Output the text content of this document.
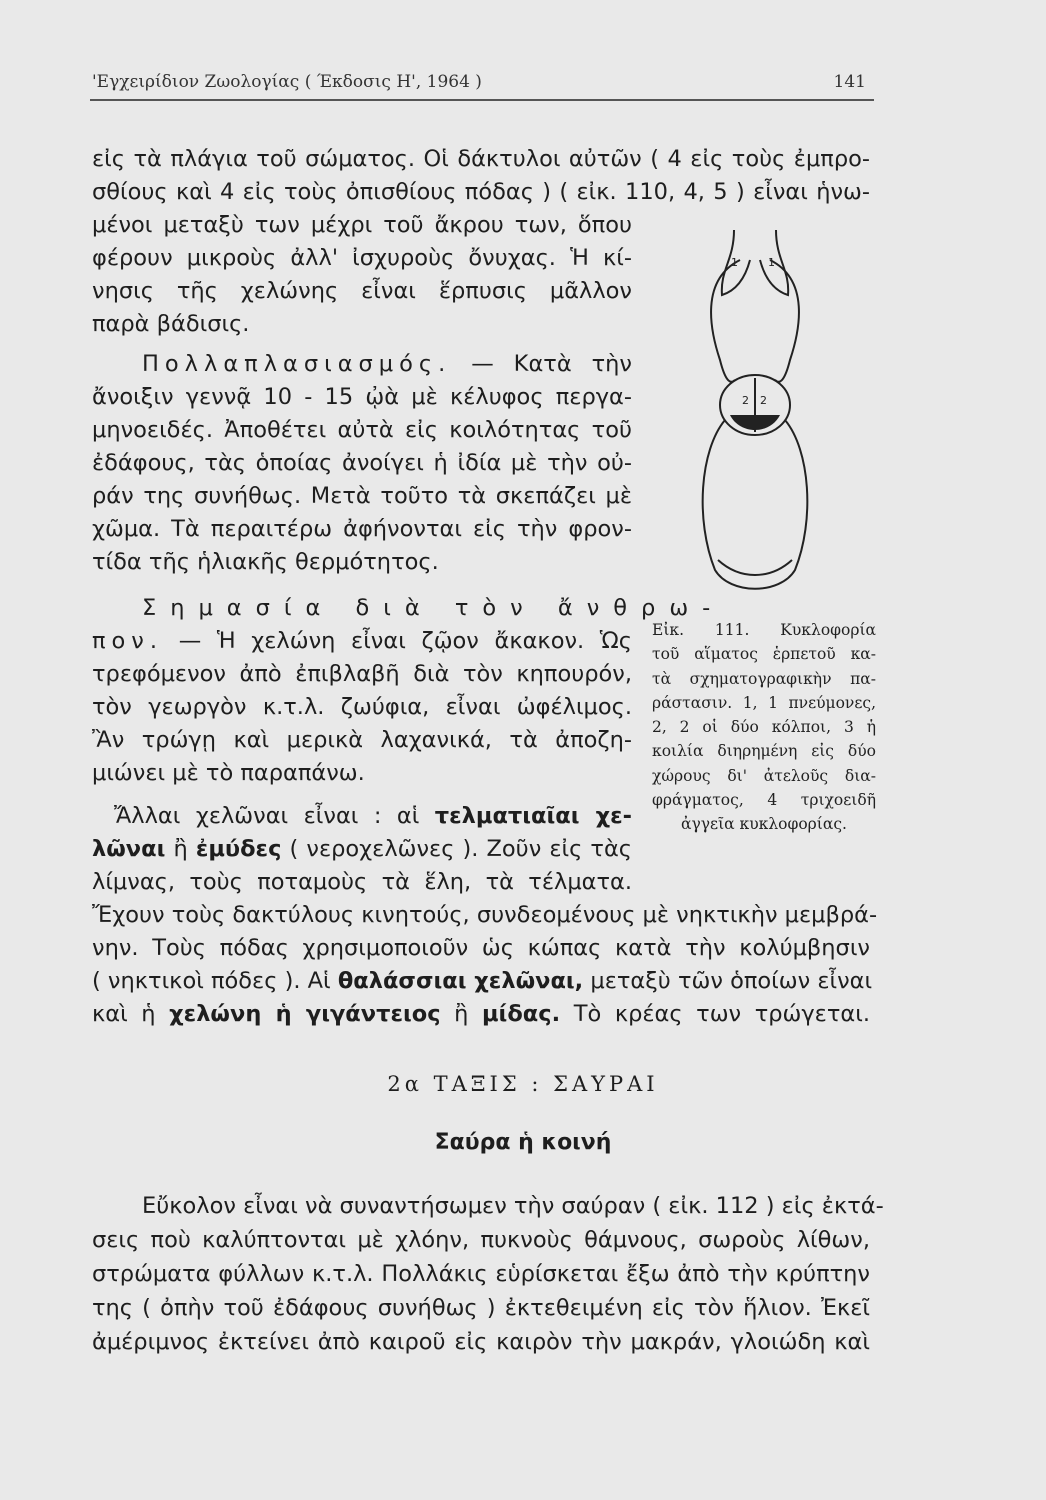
'Εγχειρίδιον Ζωολογίας ( Έκδοσις Η', 1964 )	141
εἰς τὰ πλάγια τοῦ σώματος. Οἱ δάκτυλοι αὐτῶν ( 4 εἰς τοὺς ἐμπρο-
σθίους καὶ 4 εἰς τοὺς ὀπισθίους πόδας ) ( εἰκ. 110, 4, 5 ) εἶναι ἡνω-
μένοι μεταξὺ των μέχρι τοῦ ἄκρου των, ὅπου
φέρουν μικροὺς ἀλλ' ἰσχυροὺς ὄνυχας. Ἡ κί-
νησις τῆς χελώνης εἶναι ἕρπυσις μᾶλλον
παρὰ βάδισις.
Πολλαπλασιασμός. — Κατὰ τὴν
ἄνοιξιν γεννᾷ 10 - 15 ᾠὰ μὲ κέλυφος περγα-
μηνοειδές. Ἀποθέτει αὐτὰ εἰς κοιλότητας τοῦ
ἐδάφους, τὰς ὁποίας ἀνοίγει ἡ ἰδία μὲ τὴν οὐ-
ράν της συνήθως. Μετὰ τοῦτο τὰ σκεπάζει μὲ
χῶμα. Τὰ περαιτέρω ἀφήνονται εἰς τὴν φρον-
τίδα τῆς ἡλιακῆς θερμότητος.
Σημασία διὰ τὸν ἄνθρω-
πον. — Ἡ χελώνη εἶναι ζῷον ἄκακον. Ὡς
τρεφόμενον ἀπὸ ἐπιβλαβῆ διὰ τὸν κηπουρόν,
τὸν γεωργὸν κ.τ.λ. ζωύφια, εἶναι ὠφέλιμος.
Ἂν τρώγῃ καὶ μερικὰ λαχανικά, τὰ ἀποζη-
μιώνει μὲ τὸ παραπάνω.
Ἄλλαι χελῶναι εἶναι : αἱ τελματιαῖαι χε-
λῶναι ἢ ἐμύδες ( νεροχελῶνες ). Ζοῦν εἰς τὰς
λίμνας, τοὺς ποταμοὺς τὰ ἕλη, τὰ τέλματα.
Ἔχουν τοὺς δακτύλους κινητούς, συνδεομένους μὲ νηκτικὴν μεμβρά-
νην. Τοὺς πόδας χρησιμοποιοῦν ὡς κώπας κατὰ τὴν κολύμβησιν
( νηκτικοὶ πόδες ). Αἱ θαλάσσιαι χελῶναι, μεταξὺ τῶν ὁποίων εἶναι
καὶ ἡ χελώνη ἡ γιγάντειος ἢ μίδας. Τὸ κρέας των τρώγεται.
2α ΤΑΞΙΣ : ΣΑΥΡΑΙ
Σαύρα ἡ κοινή
Εὔκολον εἶναι νὰ συναντήσωμεν τὴν σαύραν ( εἰκ. 112 ) εἰς ἐκτά-
σεις ποὺ καλύπτονται μὲ χλόην, πυκνοὺς θάμνους, σωροὺς λίθων,
στρώματα φύλλων κ.τ.λ. Πολλάκις εὑρίσκεται ἔξω ἀπὸ τὴν κρύπτην
της ( ὀπὴν τοῦ ἐδάφους συνήθως ) ἐκτεθειμένη εἰς τὸν ἥλιον. Ἐκεῖ
ἀμέριμνος ἐκτείνει ἀπὸ καιροῦ εἰς καιρὸν τὴν μακράν, γλοιώδη καὶ
1	1
2 2
Εἰκ. 111. Κυκλοφορία
τοῦ αἵματος ἑρπετοῦ κα-
τὰ σχηματογραφικὴν πα-
ράστασιν. 1, 1 πνεύμονες,
2, 2 οἱ δύο κόλποι, 3 ἡ
κοιλία διηρημένη εἰς δύο
χώρους δι' ἀτελοῦς δια-
φράγματος, 4 τριχοειδῆ
ἀγγεῖα κυκλοφορίας.
